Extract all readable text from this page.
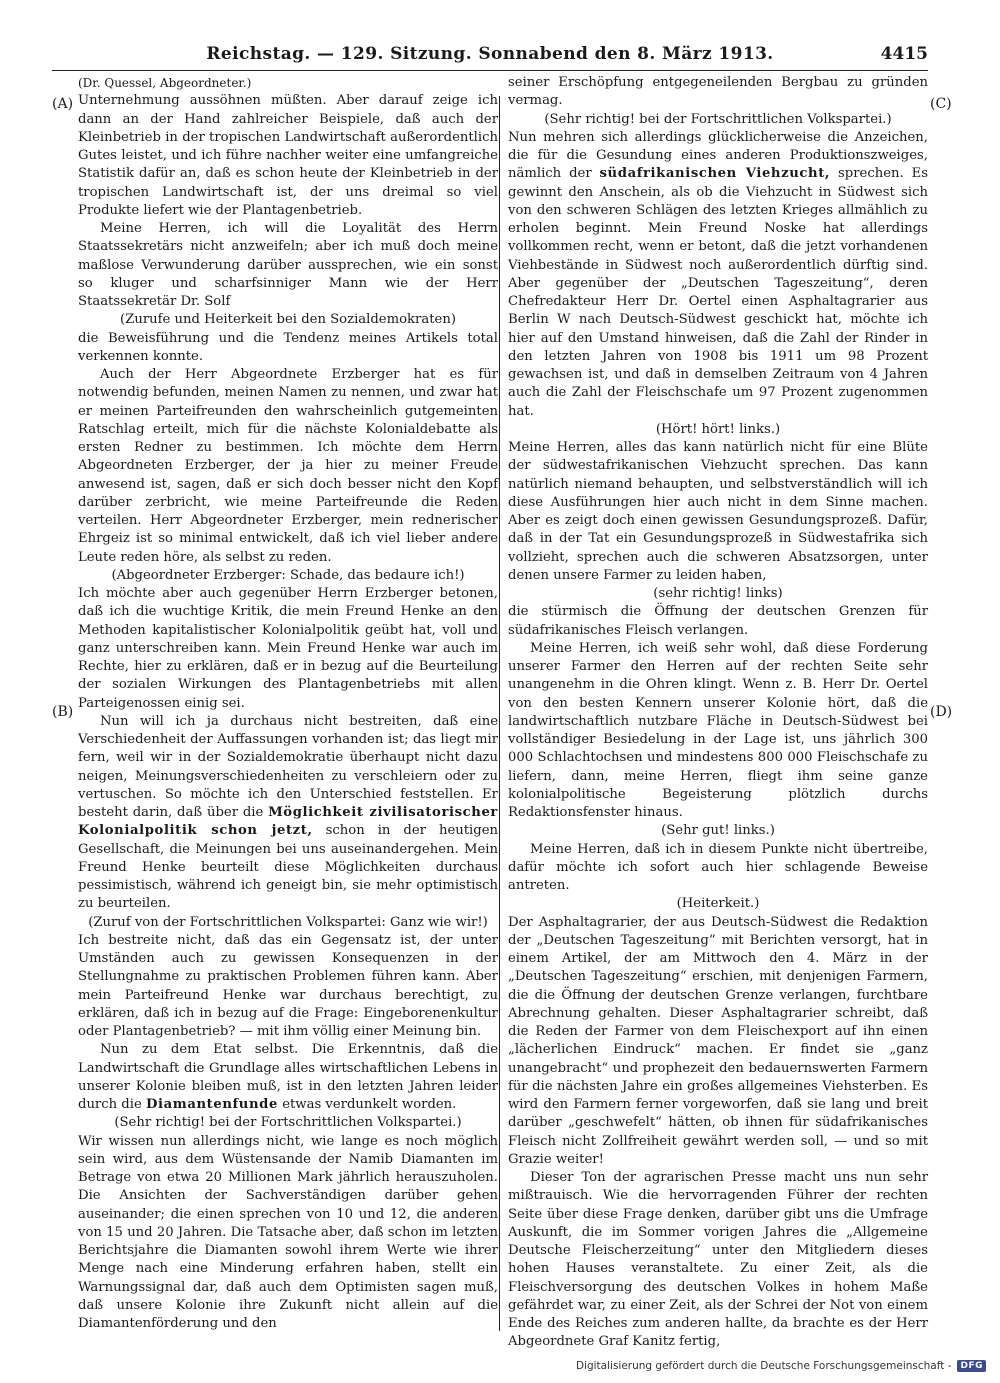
Reichstag. — 129. Sitzung. Sonnabend den 8. März 1913.	4415
(A)
(B)
(C)
(D)

(Dr. Quessel, Abgeordneter.)

Unternehmung aussöhnen müßten. Aber darauf zeige ich dann an der Hand zahlreicher Beispiele, daß auch der Kleinbetrieb in der tropischen Landwirtschaft außerordentlich Gutes leistet, und ich führe nachher weiter eine umfangreiche Statistik dafür an, daß es schon heute der Kleinbetrieb in der tropischen Landwirtschaft ist, der uns dreimal so viel Produkte liefert wie der Plantagenbetrieb.

Meine Herren, ich will die Loyalität des Herrn Staatssekretärs nicht anzweifeln; aber ich muß doch meine maßlose Verwunderung darüber aussprechen, wie ein sonst so kluger und scharfsinniger Mann wie der Herr Staatssekretär Dr. Solf

(Zurufe und Heiterkeit bei den Sozialdemokraten)

die Beweisführung und die Tendenz meines Artikels total verkennen konnte.

Auch der Herr Abgeordnete Erzberger hat es für notwendig befunden, meinen Namen zu nennen, und zwar hat er meinen Parteifreunden den wahrscheinlich gutgemeinten Ratschlag erteilt, mich für die nächste Kolonialdebatte als ersten Redner zu bestimmen. Ich möchte dem Herrn Abgeordneten Erzberger, der ja hier zu meiner Freude anwesend ist, sagen, daß er sich doch besser nicht den Kopf darüber zerbricht, wie meine Parteifreunde die Reden verteilen. Herr Abgeordneter Erzberger, mein rednerischer Ehrgeiz ist so minimal entwickelt, daß ich viel lieber andere Leute reden höre, als selbst zu reden.

(Abgeordneter Erzberger: Schade, das bedaure ich!)

Ich möchte aber auch gegenüber Herrn Erzberger betonen, daß ich die wuchtige Kritik, die mein Freund Henke an den Methoden kapitalistischer Kolonialpolitik geübt hat, voll und ganz unterschreiben kann. Mein Freund Henke war auch im Rechte, hier zu erklären, daß er in bezug auf die Beurteilung der sozialen Wirkungen des Plantagenbetriebs mit allen Parteigenossen einig sei.

Nun will ich ja durchaus nicht bestreiten, daß eine Verschiedenheit der Auffassungen vorhanden ist; das liegt mir fern, weil wir in der Sozialdemokratie überhaupt nicht dazu neigen, Meinungsverschiedenheiten zu verschleiern oder zu vertuschen. So möchte ich den Unterschied feststellen. Er besteht darin, daß über die Möglichkeit zivilisatorischer Kolonialpolitik schon jetzt, schon in der heutigen Gesellschaft, die Meinungen bei uns auseinandergehen. Mein Freund Henke beurteilt diese Möglichkeiten durchaus pessimistisch, während ich geneigt bin, sie mehr optimistisch zu beurteilen.

(Zuruf von der Fortschrittlichen Volkspartei: Ganz wie wir!)

Ich bestreite nicht, daß das ein Gegensatz ist, der unter Umständen auch zu gewissen Konsequenzen in der Stellungnahme zu praktischen Problemen führen kann. Aber mein Parteifreund Henke war durchaus berechtigt, zu erklären, daß ich in bezug auf die Frage: Eingeborenenkultur oder Plantagenbetrieb? — mit ihm völlig einer Meinung bin.

Nun zu dem Etat selbst. Die Erkenntnis, daß die Landwirtschaft die Grundlage alles wirtschaftlichen Lebens in unserer Kolonie bleiben muß, ist in den letzten Jahren leider durch die Diamantenfunde etwas verdunkelt worden.

(Sehr richtig! bei der Fortschrittlichen Volkspartei.)

Wir wissen nun allerdings nicht, wie lange es noch möglich sein wird, aus dem Wüstensande der Namib Diamanten im Betrage von etwa 20 Millionen Mark jährlich herauszuholen. Die Ansichten der Sachverständigen darüber gehen auseinander; die einen sprechen von 10 und 12, die anderen von 15 und 20 Jahren. Die Tatsache aber, daß schon im letzten Berichtsjahre die Diamanten sowohl ihrem Werte wie ihrer Menge nach eine Minderung erfahren haben, stellt ein Warnungssignal dar, daß auch dem Optimisten sagen muß, daß unsere Kolonie ihre Zukunft nicht allein auf die Diamantenförderung und den

seiner Erschöpfung entgegeneilenden Bergbau zu gründen vermag.

(Sehr richtig! bei der Fortschrittlichen Volkspartei.)

Nun mehren sich allerdings glücklicherweise die Anzeichen, die für die Gesundung eines anderen Produktionszweiges, nämlich der südafrikanischen Viehzucht, sprechen. Es gewinnt den Anschein, als ob die Viehzucht in Südwest sich von den schweren Schlägen des letzten Krieges allmählich zu erholen beginnt. Mein Freund Noske hat allerdings vollkommen recht, wenn er betont, daß die jetzt vorhandenen Viehbestände in Südwest noch außerordentlich dürftig sind. Aber gegenüber der „Deutschen Tageszeitung“, deren Chefredakteur Herr Dr. Oertel einen Asphaltagrarier aus Berlin W nach Deutsch-Südwest geschickt hat, möchte ich hier auf den Umstand hinweisen, daß die Zahl der Rinder in den letzten Jahren von 1908 bis 1911 um 98 Prozent gewachsen ist, und daß in demselben Zeitraum von 4 Jahren auch die Zahl der Fleischschafe um 97 Prozent zugenommen hat.

(Hört! hört! links.)

Meine Herren, alles das kann natürlich nicht für eine Blüte der südwestafrikanischen Viehzucht sprechen. Das kann natürlich niemand behaupten, und selbstverständlich will ich diese Ausführungen hier auch nicht in dem Sinne machen. Aber es zeigt doch einen gewissen Gesundungsprozeß. Dafür, daß in der Tat ein Gesundungsprozeß in Südwestafrika sich vollzieht, sprechen auch die schweren Absatzsorgen, unter denen unsere Farmer zu leiden haben,

(sehr richtig! links)

die stürmisch die Öffnung der deutschen Grenzen für südafrikanisches Fleisch verlangen.

Meine Herren, ich weiß sehr wohl, daß diese Forderung unserer Farmer den Herren auf der rechten Seite sehr unangenehm in die Ohren klingt. Wenn z. B. Herr Dr. Oertel von den besten Kennern unserer Kolonie hört, daß die landwirtschaftlich nutzbare Fläche in Deutsch-Südwest bei vollständiger Besiedelung in der Lage ist, uns jährlich 300 000 Schlachtochsen und mindestens 800 000 Fleischschafe zu liefern, dann, meine Herren, fliegt ihm seine ganze kolonialpolitische Begeisterung plötzlich durchs Redaktionsfenster hinaus.

(Sehr gut! links.)

Meine Herren, daß ich in diesem Punkte nicht übertreibe, dafür möchte ich sofort auch hier schlagende Beweise antreten.

(Heiterkeit.)

Der Asphaltagrarier, der aus Deutsch-Südwest die Redaktion der „Deutschen Tageszeitung“ mit Berichten versorgt, hat in einem Artikel, der am Mittwoch den 4. März in der „Deutschen Tageszeitung“ erschien, mit denjenigen Farmern, die die Öffnung der deutschen Grenze verlangen, furchtbare Abrechnung gehalten. Dieser Asphaltagrarier schreibt, daß die Reden der Farmer von dem Fleischexport auf ihn einen „lächerlichen Eindruck“ machen. Er findet sie „ganz unangebracht“ und prophezeit den bedauernswerten Farmern für die nächsten Jahre ein großes allgemeines Viehsterben. Es wird den Farmern ferner vorgeworfen, daß sie lang und breit darüber „geschwefelt“ hätten, ob ihnen für südafrikanisches Fleisch nicht Zollfreiheit gewährt werden soll, — und so mit Grazie weiter!

Dieser Ton der agrarischen Presse macht uns nun sehr mißtrauisch. Wie die hervorragenden Führer der rechten Seite über diese Frage denken, darüber gibt uns die Umfrage Auskunft, die im Sommer vorigen Jahres die „Allgemeine Deutsche Fleischerzeitung“ unter den Mitgliedern dieses hohen Hauses veranstaltete. Zu einer Zeit, als die Fleischversorgung des deutschen Volkes in hohem Maße gefährdet war, zu einer Zeit, als der Schrei der Not von einem Ende des Reiches zum anderen hallte, da brachte es der Herr Abgeordnete Graf Kanitz fertig,

Digitalisierung gefördert durch die Deutsche Forschungsgemeinschaft -	DFG
